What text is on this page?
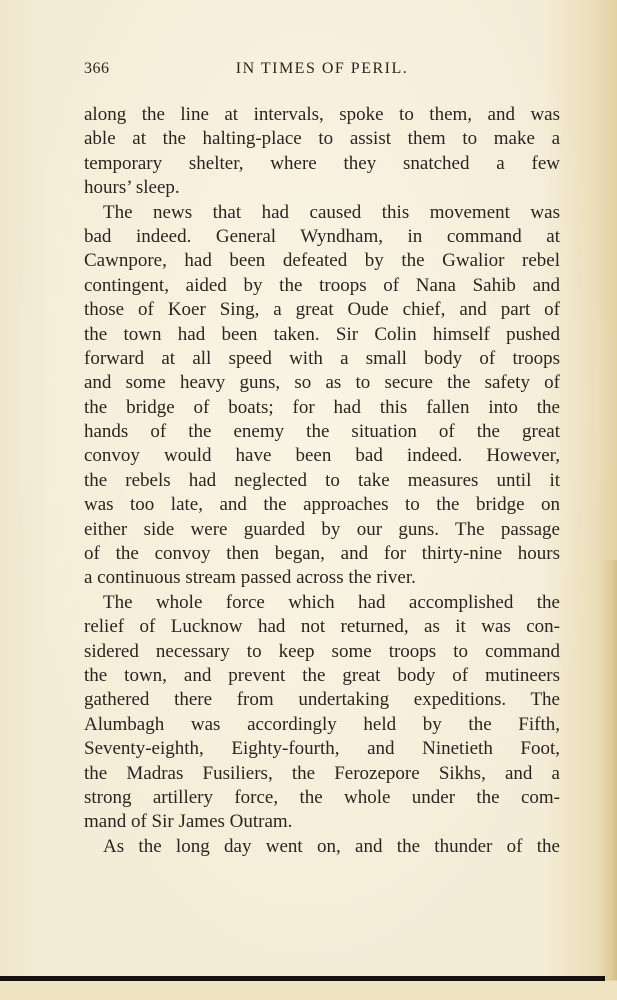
366	IN TIMES OF PERIL.
along the line at intervals, spoke to them, and was
able at the halting-place to assist them to make a
temporary shelter, where they snatched a few
hours’ sleep.
The news that had caused this movement was
bad indeed. General Wyndham, in command at
Cawnpore, had been defeated by the Gwalior rebel
contingent, aided by the troops of Nana Sahib and
those of Koer Sing, a great Oude chief, and part of
the town had been taken. Sir Colin himself pushed
forward at all speed with a small body of troops
and some heavy guns, so as to secure the safety of
the bridge of boats; for had this fallen into the
hands of the enemy the situation of the great
convoy would have been bad indeed. However,
the rebels had neglected to take measures until it
was too late, and the approaches to the bridge on
either side were guarded by our guns. The passage
of the convoy then began, and for thirty-nine hours
a continuous stream passed across the river.
The whole force which had accomplished the
relief of Lucknow had not returned, as it was con-
sidered necessary to keep some troops to command
the town, and prevent the great body of mutineers
gathered there from undertaking expeditions. The
Alumbagh was accordingly held by the Fifth,
Seventy-eighth, Eighty-fourth, and Ninetieth Foot,
the Madras Fusiliers, the Ferozepore Sikhs, and a
strong artillery force, the whole under the com-
mand of Sir James Outram.
As the long day went on, and the thunder of the
